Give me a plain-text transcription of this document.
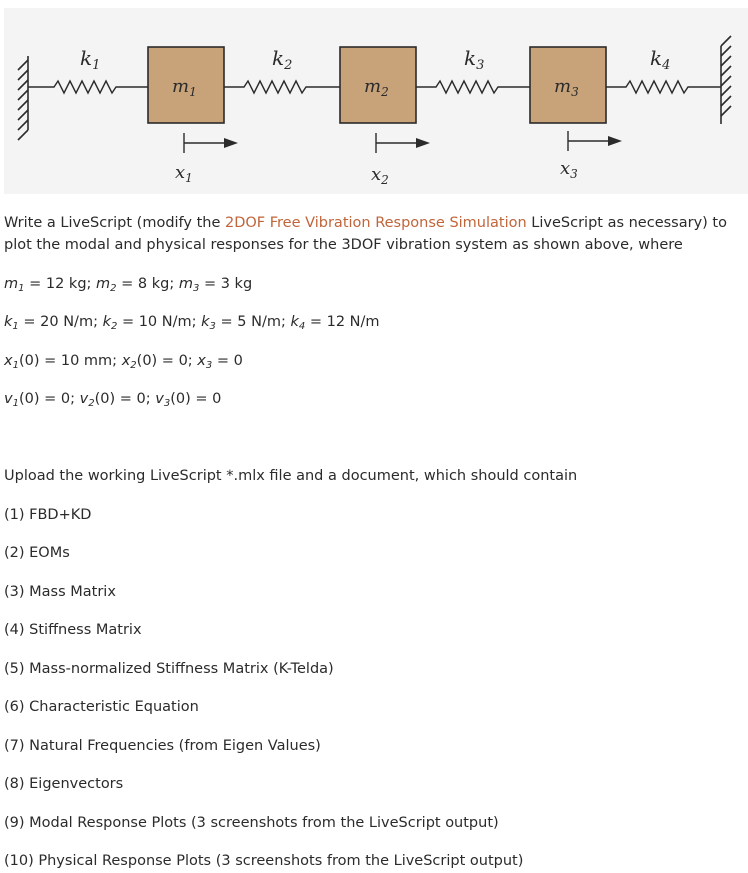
$k_1$	$k_2$	$k_3$	$k_4$
$m_1$	$m_2$	$m_3$
$x_1$	$x_2$
$x_3$

Write a LiveScript (modify the 2DOF Free Vibration Response Simulation LiveScript as necessary) to plot the modal and physical responses for the 3DOF vibration system as shown above, where

$m_1 = 12$ kg; $m_2 = 8$ kg; $m_3 = 3$ kg
$k_1 = 20$ N/m; $k_2 = 10$ N/m; $k_3 = 5$ N/m; $k_4 = 12$ N/m
$x_1(0) = 10$ mm; $x_2(0) = 0$; $x_3 = 0$
$v_1(0) = 0$; $v_2(0) = 0$; $v_3(0) = 0$
Upload the working LiveScript *.mlx file and a document, which should contain
(1) FBD+KD
(2) EOMs
(3) Mass Matrix
(4) Stiffness Matrix
(5) Mass-normalized Stiffness Matrix (K-Telda)
(6) Characteristic Equation
(7) Natural Frequencies (from Eigen Values)
(8) Eigenvectors
(9) Modal Response Plots (3 screenshots from the LiveScript output)
(10) Physical Response Plots (3 screenshots from the LiveScript output)
